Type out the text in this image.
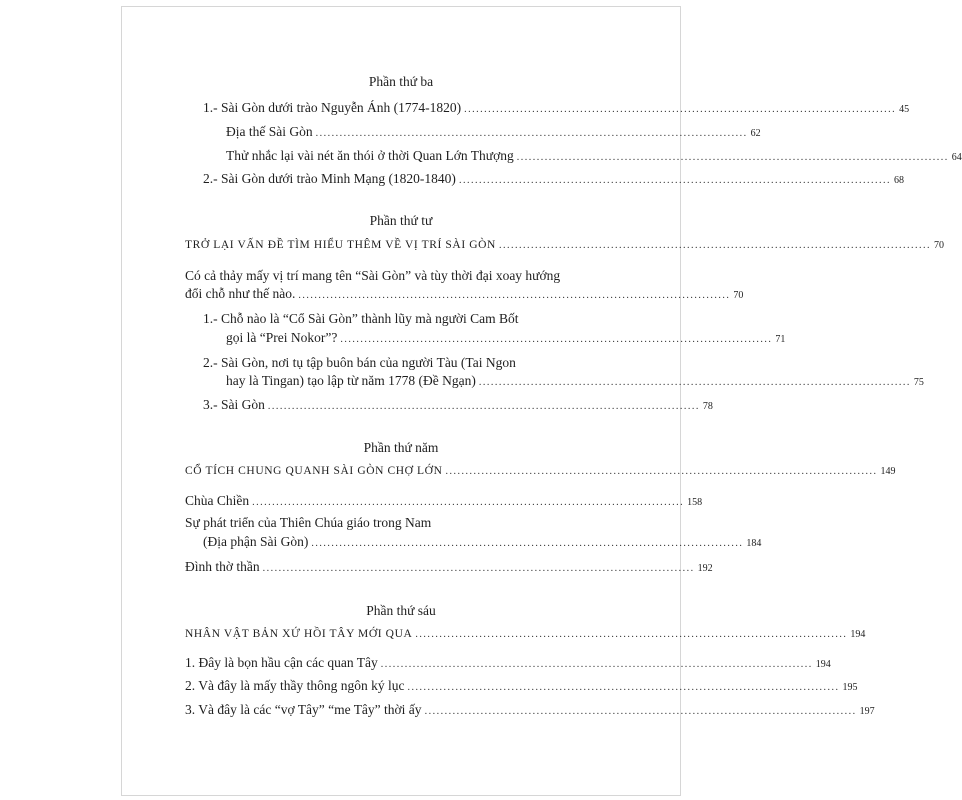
Phần thứ ba
1.- Sài Gòn dưới trào Nguyễn Ánh (1774-1820) ............................................................................................................ 45
Địa thế Sài Gòn ............................................................................................................ 62
Thử nhắc lại vài nét ăn thói ở thời Quan Lớn Thượng ............................................................................................................ 64
2.- Sài Gòn dưới trào Minh Mạng (1820-1840) ............................................................................................................ 68
Phần thứ tư
TRỞ LẠI VẤN ĐỀ TÌM HIỂU THÊM VỀ VỊ TRÍ SÀI GÒN ............................................................................................................ 70
Có cả thảy mấy vị trí mang tên “Sài Gòn” và tùy thời đại xoay hướng
đổi chỗ như thế nào. ............................................................................................................ 70
1.- Chỗ nào là “Cổ Sài Gòn” thành lũy mà người Cam Bốt
gọi là “Prei Nokor”? ............................................................................................................ 71
2.- Sài Gòn, nơi tụ tập buôn bán của người Tàu (Tai Ngon
hay là Tingan) tạo lập từ năm 1778 (Đề Ngạn) ............................................................................................................ 75
3.- Sài Gòn ............................................................................................................ 78
Phần thứ năm
CỔ TÍCH CHUNG QUANH SÀI GÒN CHỢ LỚN ............................................................................................................ 149
Chùa Chiền ............................................................................................................ 158
Sự phát triển của Thiên Chúa giáo trong Nam
(Địa phận Sài Gòn) ............................................................................................................ 184
Đình thờ thần ............................................................................................................ 192
Phần thứ sáu
NHÂN VẬT BẢN XỨ HỒI TÂY MỚI QUA ............................................................................................................ 194
1. Đây là bọn hầu cận các quan Tây ............................................................................................................ 194
2. Và đây là mấy thầy thông ngôn ký lục ............................................................................................................ 195
3. Và đây là các “vợ Tây” “me Tây” thời ấy ............................................................................................................ 197
